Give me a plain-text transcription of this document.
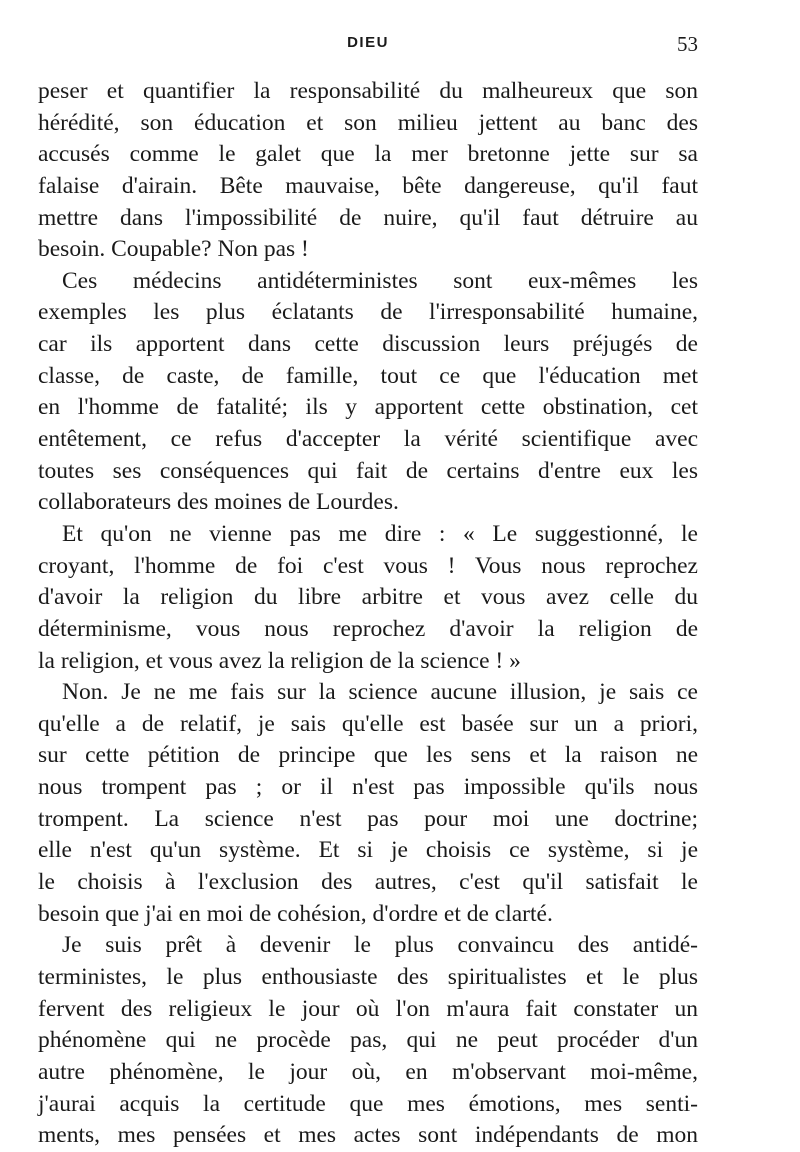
DIEU	53
peser et quantifier la responsabilité du malheureux que son
hérédité, son éducation et son milieu jettent au banc des
accusés comme le galet que la mer bretonne jette sur sa
falaise d'airain. Bête mauvaise, bête dangereuse, qu'il faut
mettre dans l'impossibilité de nuire, qu'il faut détruire au
besoin. Coupable? Non pas !
Ces médecins antidéterministes sont eux-mêmes les
exemples les plus éclatants de l'irresponsabilité humaine,
car ils apportent dans cette discussion leurs préjugés de
classe, de caste, de famille, tout ce que l'éducation met
en l'homme de fatalité; ils y apportent cette obstination, cet
entêtement, ce refus d'accepter la vérité scientifique avec
toutes ses conséquences qui fait de certains d'entre eux les
collaborateurs des moines de Lourdes.
Et qu'on ne vienne pas me dire : « Le suggestionné, le
croyant, l'homme de foi c'est vous ! Vous nous reprochez
d'avoir la religion du libre arbitre et vous avez celle du
déterminisme, vous nous reprochez d'avoir la religion de
la religion, et vous avez la religion de la science ! »
Non. Je ne me fais sur la science aucune illusion, je sais ce
qu'elle a de relatif, je sais qu'elle est basée sur un a priori,
sur cette pétition de principe que les sens et la raison ne
nous trompent pas ; or il n'est pas impossible qu'ils nous
trompent. La science n'est pas pour moi une doctrine;
elle n'est qu'un système. Et si je choisis ce système, si je
le choisis à l'exclusion des autres, c'est qu'il satisfait le
besoin que j'ai en moi de cohésion, d'ordre et de clarté.
Je suis prêt à devenir le plus convaincu des antidé-
terministes, le plus enthousiaste des spiritualistes et le plus
fervent des religieux le jour où l'on m'aura fait constater un
phénomène qui ne procède pas, qui ne peut procéder d'un
autre phénomène, le jour où, en m'observant moi-même,
j'aurai acquis la certitude que mes émotions, mes senti-
ments, mes pensées et mes actes sont indépendants de mon
